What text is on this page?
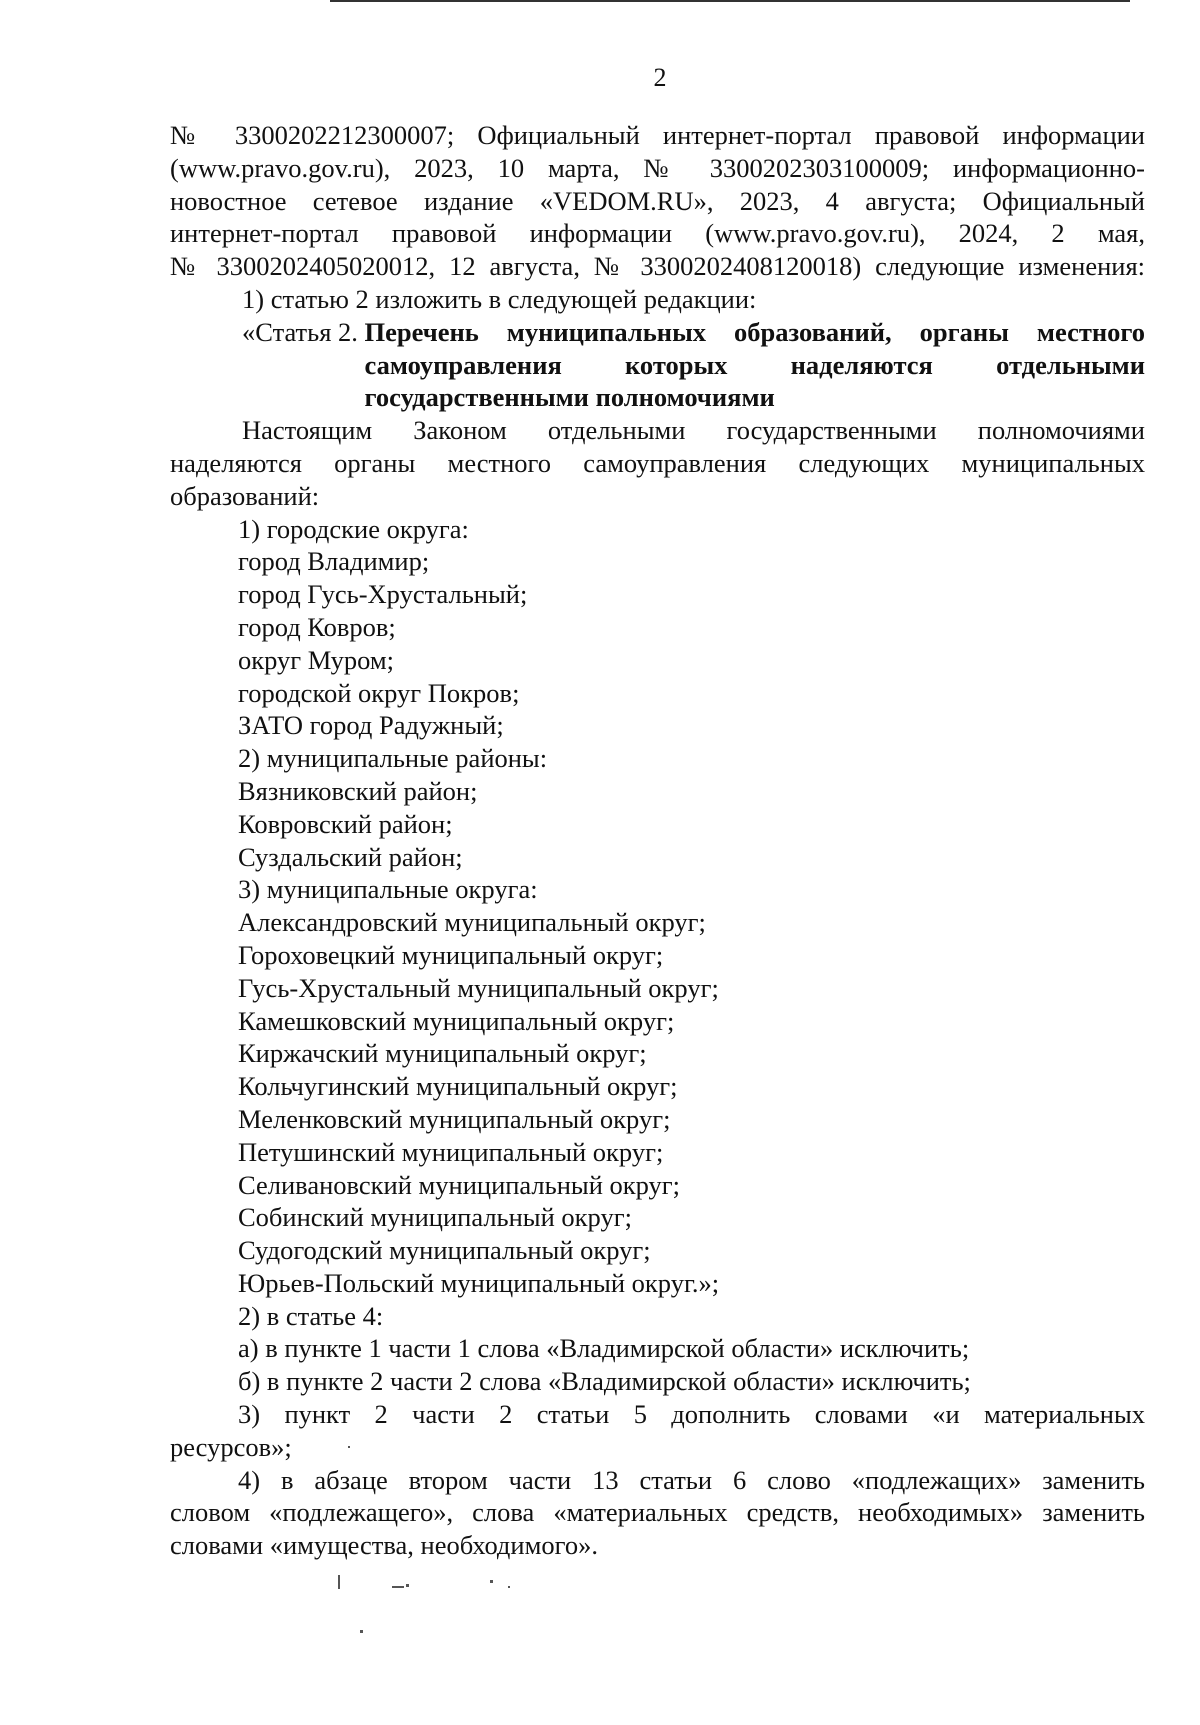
2

№ 3300202212300007; Официальный интернет-портал правовой информации

(www.pravo.gov.ru), 2023, 10 марта, № 3300202303100009; информационно-

новостное сетевое издание «VEDOM.RU», 2023, 4 августа; Официальный

интернет-портал правовой информации (www.pravo.gov.ru), 2024, 2 мая,

№ 3300202405020012, 12 августа, № 3300202408120018) следующие изменения:

1) статью 2 изложить в следующей редакции:

«Статья 2. Перечень муниципальных образований, органы местного
самоуправления которых наделяются отдельными
государственными полномочиями

Настоящим Законом отдельными государственными полномочиями

наделяются органы местного самоуправления следующих муниципальных

образований:

1) городские округа:

город Владимир;

город Гусь-Хрустальный;

город Ковров;

округ Муром;

городской округ Покров;

ЗАТО город Радужный;

2) муниципальные районы:

Вязниковский район;

Ковровский район;

Суздальский район;

3) муниципальные округа:

Александровский муниципальный округ;

Гороховецкий муниципальный округ;

Гусь-Хрустальный муниципальный округ;

Камешковский муниципальный округ;

Киржачский муниципальный округ;

Кольчугинский муниципальный округ;

Меленковский муниципальный округ;

Петушинский муниципальный округ;

Селивановский муниципальный округ;

Собинский муниципальный округ;

Судогодский муниципальный округ;

Юрьев-Польский муниципальный округ.»;

2) в статье 4:

а) в пункте 1 части 1 слова «Владимирской области» исключить;

б) в пункте 2 части 2 слова «Владимирской области» исключить;

3) пункт 2 части 2 статьи 5 дополнить словами «и материальных

ресурсов»;

4) в абзаце втором части 13 статьи 6 слово «подлежащих» заменить

словом «подлежащего», слова «материальных средств, необходимых» заменить

словами «имущества, необходимого».
